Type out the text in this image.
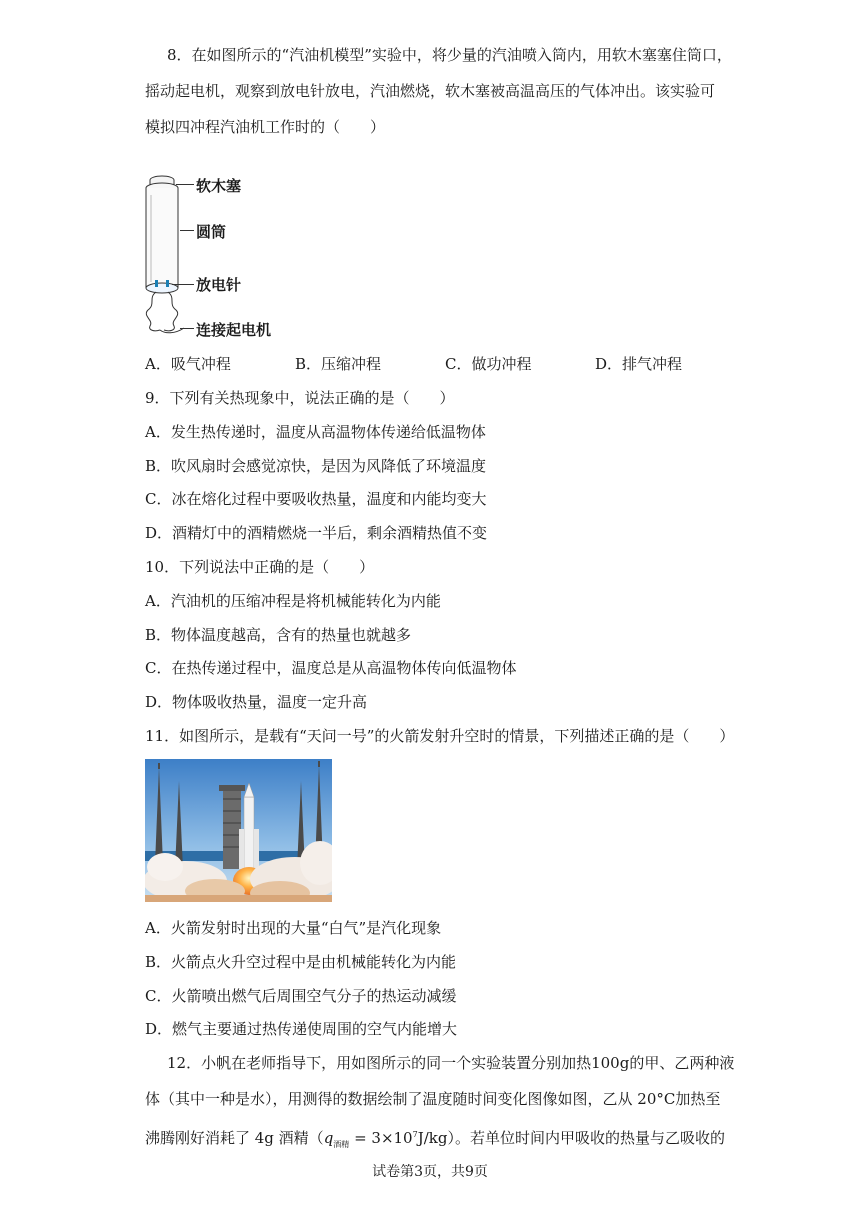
8．在如图所示的“汽油机模型”实验中，将少量的汽油喷入筒内，用软木塞塞住筒口，
摇动起电机，观察到放电针放电，汽油燃烧，软木塞被高温高压的气体冲出。该实验可
模拟四冲程汽油机工作时的（　　）
软木塞
圆筒
放电针
连接起电机
A．吸气冲程	B．压缩冲程	C．做功冲程	D．排气冲程
9．下列有关热现象中，说法正确的是（　　）
A．发生热传递时，温度从高温物体传递给低温物体
B．吹风扇时会感觉凉快，是因为风降低了环境温度
C．冰在熔化过程中要吸收热量，温度和内能均变大
D．酒精灯中的酒精燃烧一半后，剩余酒精热值不变
10．下列说法中正确的是（　　）
A．汽油机的压缩冲程是将机械能转化为内能
B．物体温度越高，含有的热量也就越多
C．在热传递过程中，温度总是从高温物体传向低温物体
D．物体吸收热量，温度一定升高
11．如图所示，是载有“天问一号”的火箭发射升空时的情景，下列描述正确的是（　　）
A．火箭发射时出现的大量“白气”是汽化现象
B．火箭点火升空过程中是由机械能转化为内能
C．火箭喷出燃气后周围空气分子的热运动减缓
D．燃气主要通过热传递使周围的空气内能增大
12．小帆在老师指导下，用如图所示的同一个实验装置分别加热100g的甲、乙两种液
体（其中一种是水），用测得的数据绘制了温度随时间变化图像如图，乙从 20°C加热至
沸腾刚好消耗了 4g 酒精$(q_{酒精} = 3\times 10^7J/kg)$。若单位时间内甲吸收的热量与乙吸收的
试卷第3页，共9页
